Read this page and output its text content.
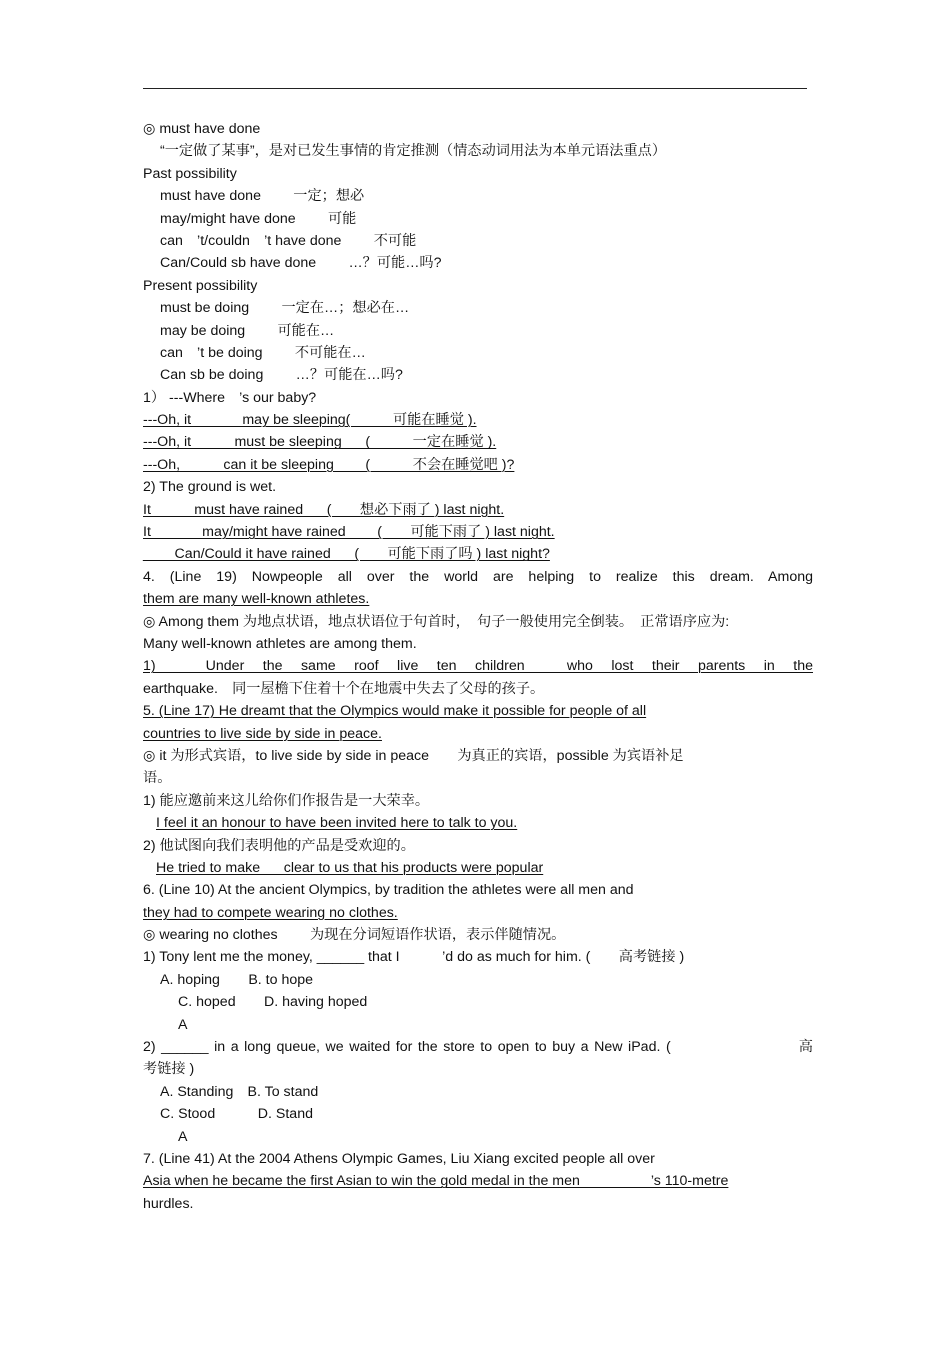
◎ must have done
“一定做了某事”，是对已发生事情的肯定推测（情态动词用法为本单元语法重点）
Past possibility
must have done 　　一定；想必
may/might have done 　　可能
can　’t/couldn　’t have done 　　不可能
Can/Could sb have done 　　…？可能…吗?
Present possibility
must be doing 　　一定在…；想必在…
may be doing 　　可能在…
can　’t be doing 　　不可能在…
Can sb be doing 　　…？可能在…吗?
1） ---Where　’s our baby?
---Oh, it ______may be sleeping(　　　可能在睡觉 ).
---Oh, it _____must be sleeping___(　　　一定在睡觉 ).
---Oh, _____can it be sleeping____(　　　不会在睡觉吧 )?
2) The ground is wet.
It _____must have rained___(　　想必下雨了 ) last night.
It ______may/might have rained____(　　可能下雨了 ) last night.
____Can/Could it have rained___(　　可能下雨了吗 ) last night?
4. (Line 19) Nowpeople all over the world are helping to realize this dream. Among
them are many well-known athletes.
◎ Among them 为地点状语，地点状语位于句首时，　句子一般使用完全倒装。　正常语序应为:
Many well-known athletes are among them.
1) ____Under the same roof live ten children___ who lost their parents in the
earthquake.　同一屋檐下住着十个在地震中失去了父母的孩子。
5. (Line 17) He dreamt that the Olympics would make it possible for people of all
countries to live side by side in peace.
◎ it 为形式宾语，to live side by side in peace　　为真正的宾语，possible 为宾语补足
语。
1) 能应邀前来这儿给你们作报告是一大荣幸。
I feel it an honour to have been invited here to talk to you.
2) 他试图向我们表明他的产品是受欢迎的。
He tried to make __ clear to us that his products were popular
6. (Line 10) At the ancient Olympics, by tradition the athletes were all men and
they had to compete wearing no clothes.
◎ wearing no clothes 　　为现在分词短语作状语，表示伴随情况。
1) Tony lent me the money, ______ that I　　　’d do as much for him. (　　高考链接 )
A. hoping　　B. to hope
C. hoped　　D. having hoped
A
2) ______ in a long queue, we waited for the store to open to buy a New iPad. (　　　　　　　　高
考链接 )
A. Standing　B. To stand
C. Stood　　　D. Stand
A
7. (Line 41) At the 2004 Athens Olympic Games, Liu Xiang excited people all over
Asia when he became the first Asian to win the gold medal in the men　　　　　’s 110-metre
hurdles.
